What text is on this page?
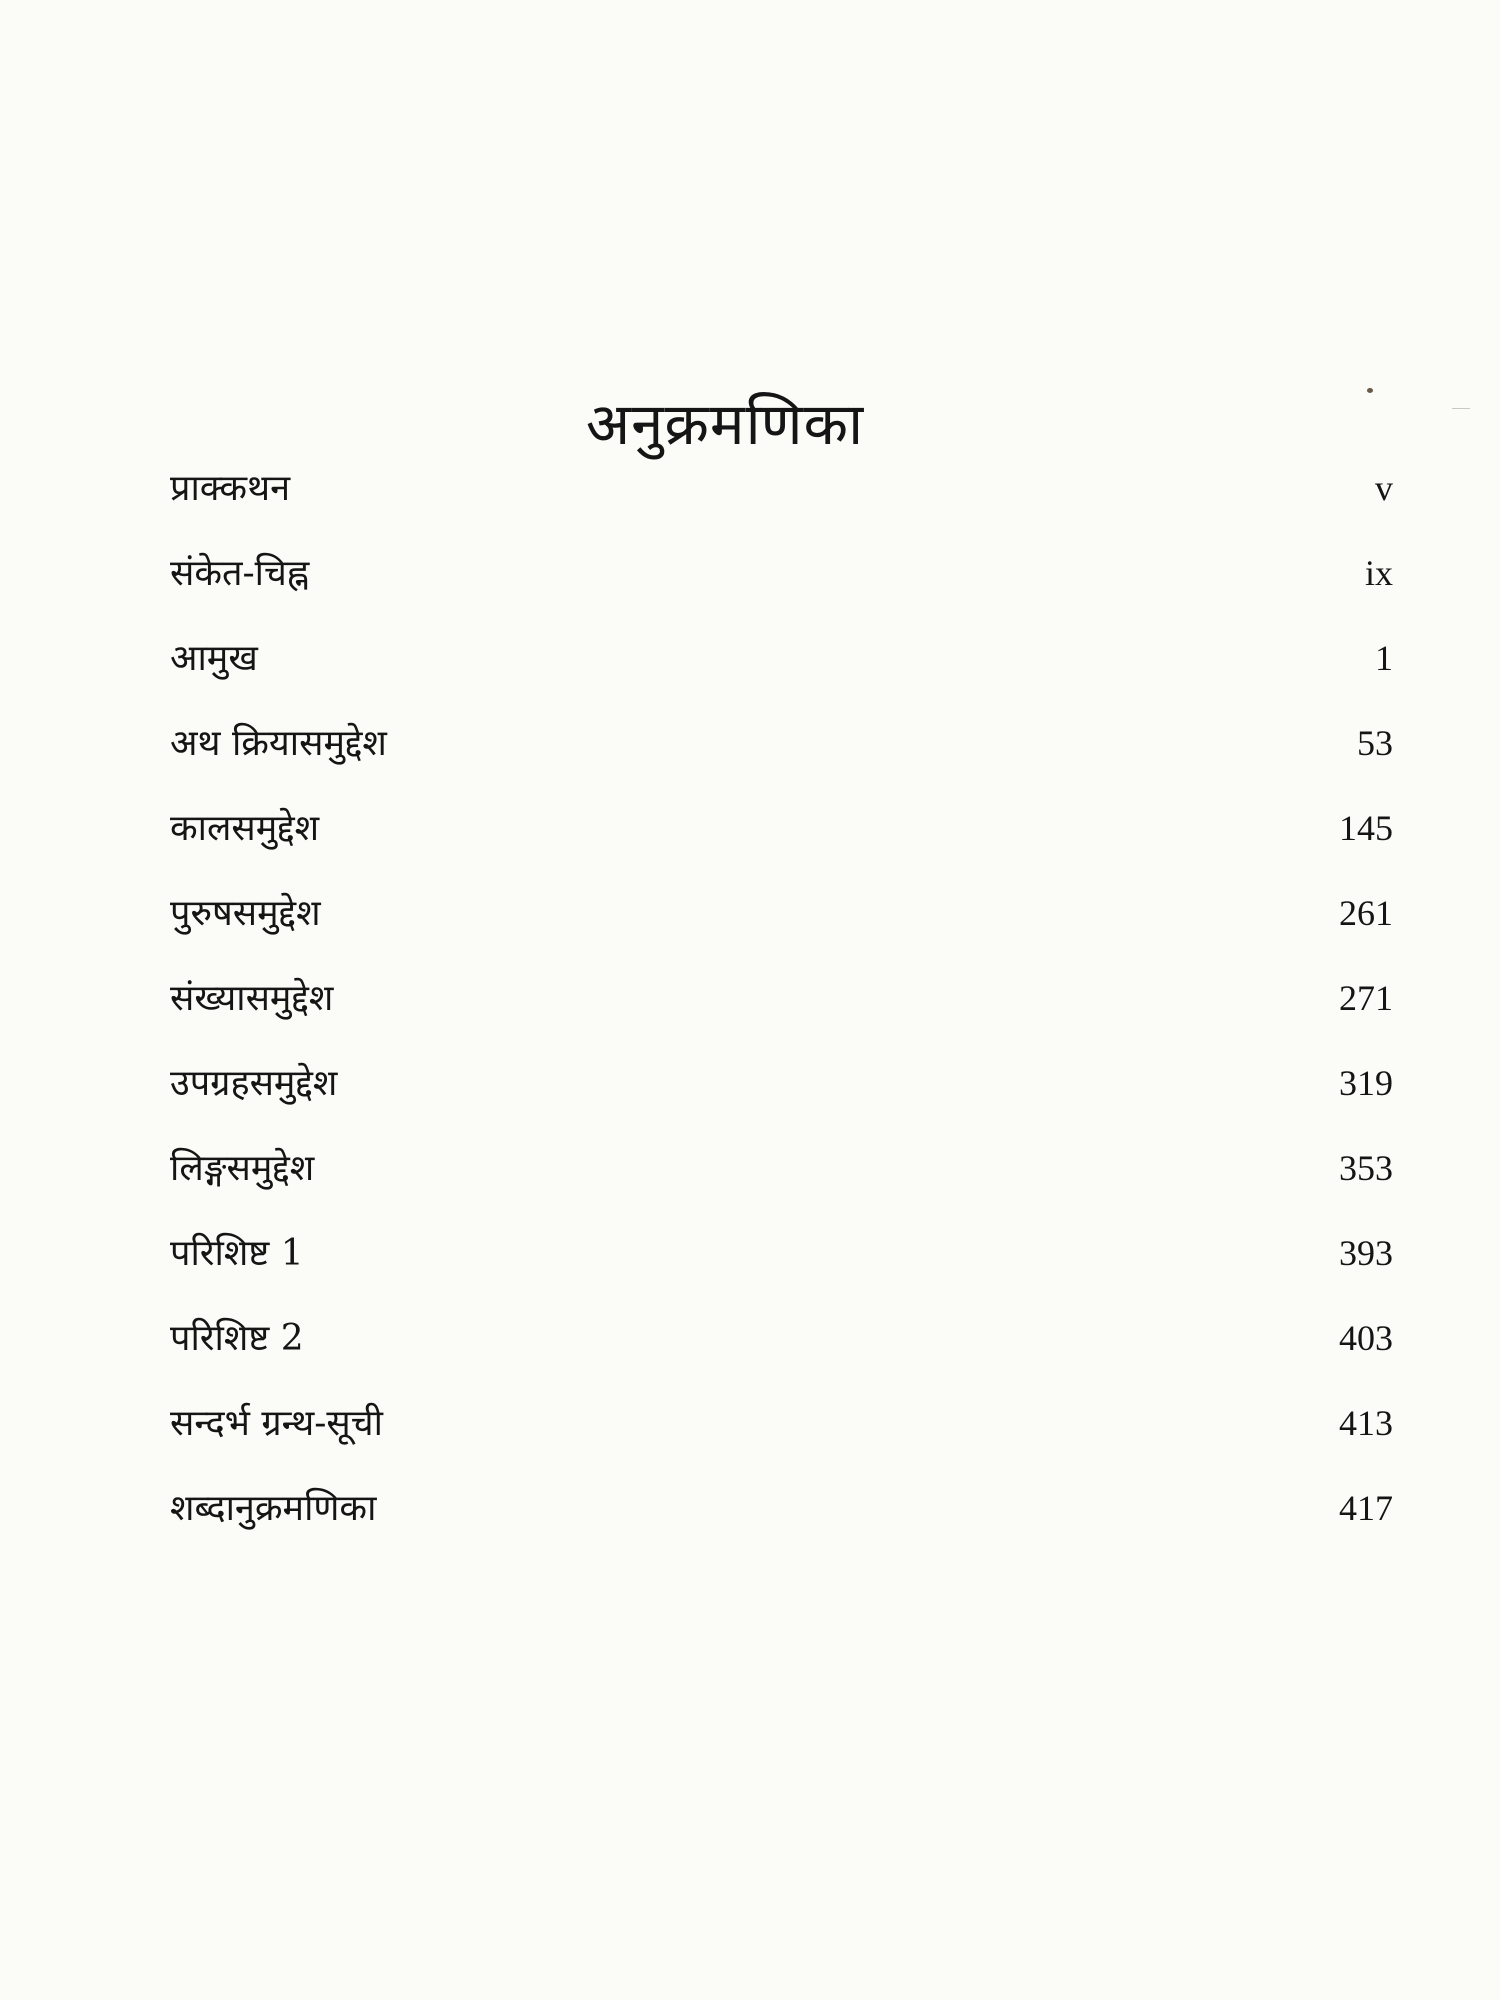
अनुक्रमणिका
प्राक्कथन	v
संकेत-चिह्न	ix
आमुख	1
अथ क्रियासमुद्देश	53
कालसमुद्देश	145
पुरुषसमुद्देश	261
संख्यासमुद्देश	271
उपग्रहसमुद्देश	319
लिङ्गसमुद्देश	353
परिशिष्ट 1	393
परिशिष्ट 2	403
सन्दर्भ ग्रन्थ-सूची	413
शब्दानुक्रमणिका	417
